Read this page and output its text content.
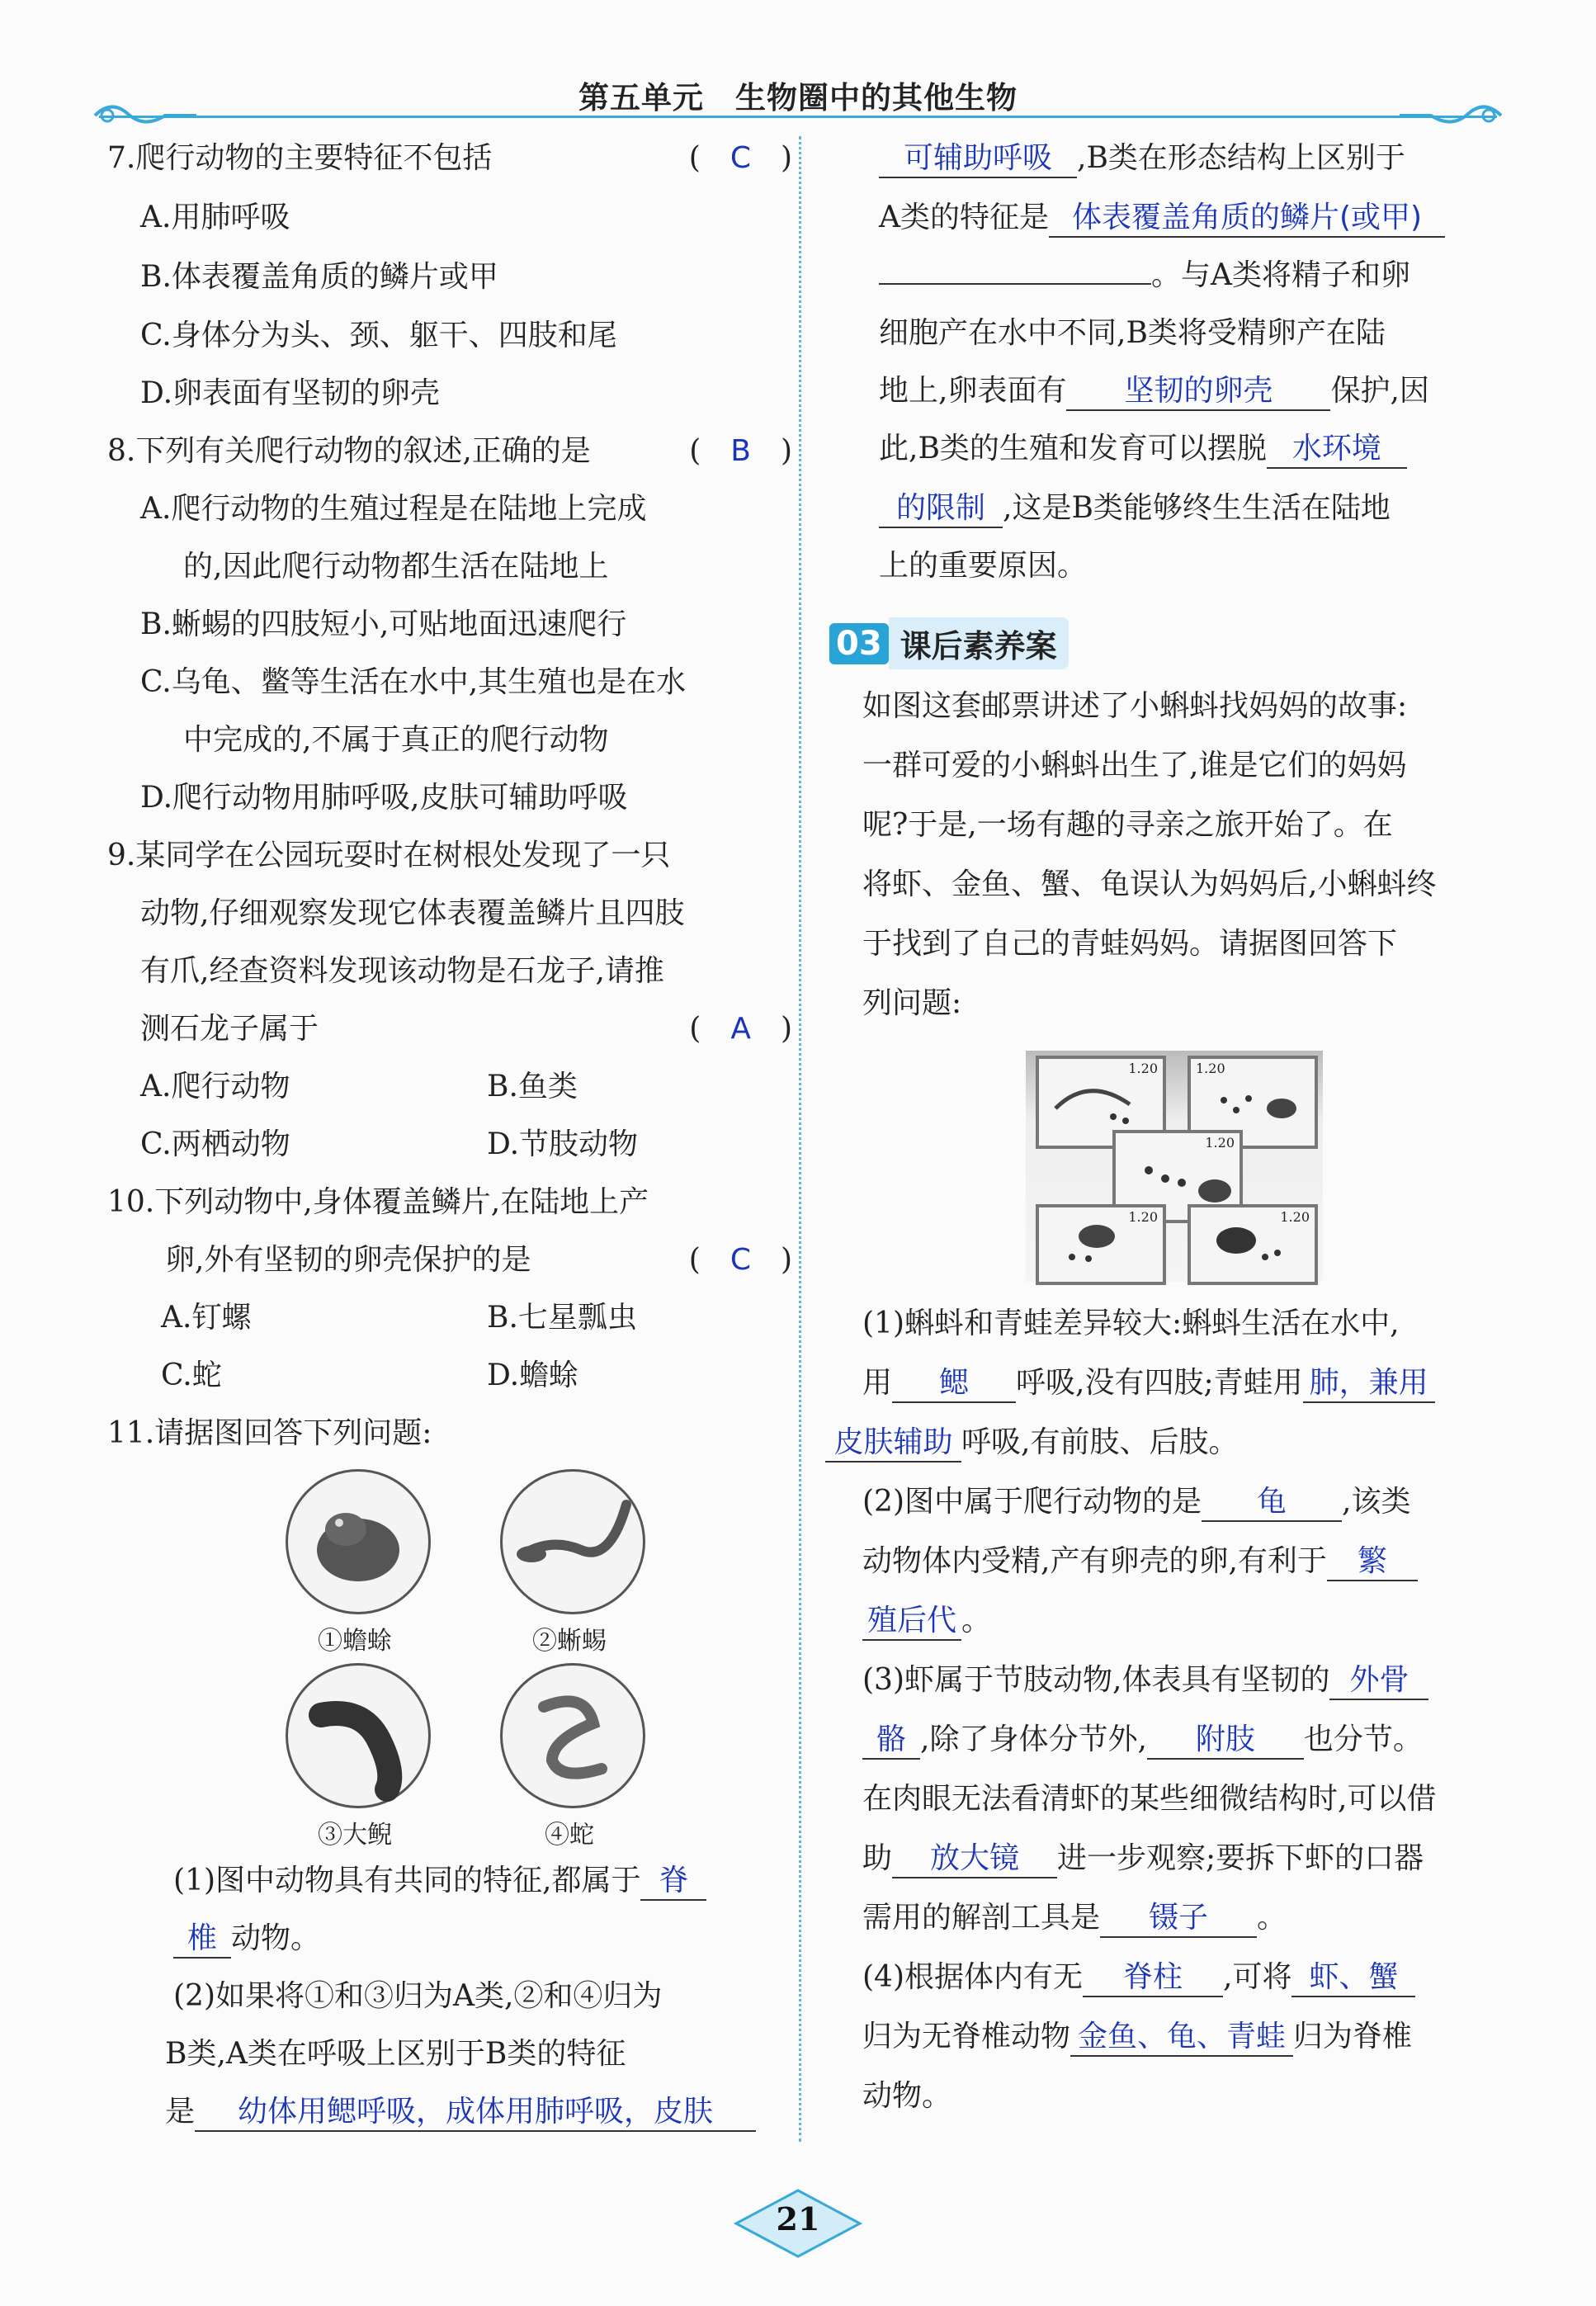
第五单元　生物圈中的其他生物
7.爬行动物的主要特征不包括	(　C　)
A.用肺呼吸
B.体表覆盖角质的鳞片或甲
C.身体分为头、颈、躯干、四肢和尾
D.卵表面有坚韧的卵壳
8.下列有关爬行动物的叙述,正确的是	(　B　)
A.爬行动物的生殖过程是在陆地上完成
的,因此爬行动物都生活在陆地上
B.蜥蜴的四肢短小,可贴地面迅速爬行
C.乌龟、鳖等生活在水中,其生殖也是在水
中完成的,不属于真正的爬行动物
D.爬行动物用肺呼吸,皮肤可辅助呼吸
9.某同学在公园玩耍时在树根处发现了一只
动物,仔细观察发现它体表覆盖鳞片且四肢
有爪,经查资料发现该动物是石龙子,请推
测石龙子属于	(　A　)
A.爬行动物	B.鱼类
C.两栖动物	D.节肢动物
10.下列动物中,身体覆盖鳞片,在陆地上产
卵,外有坚韧的卵壳保护的是	(　C　)
A.钉螺	B.七星瓢虫
C.蛇	D.蟾蜍
11.请据图回答下列问题:
①蟾蜍	②蜥蜴
③大鲵	④蛇
(1)图中动物具有共同的特征,都属于 脊
椎 动物。
(2)如果将①和③归为A类,②和④归为
B类,A类在呼吸上区别于B类的特征
是 幼体用鳃呼吸，成体用肺呼吸，皮肤
可辅助呼吸 ,B类在形态结构上区别于
A类的特征是 体表覆盖角质的鳞片(或甲)
。与A类将精子和卵
细胞产在水中不同,B类将受精卵产在陆
地上,卵表面有 坚韧的卵壳 保护,因
此,B类的生殖和发育可以摆脱 水环境
的限制 ,这是B类能够终生生活在陆地
上的重要原因。
03 课后素养案
如图这套邮票讲述了小蝌蚪找妈妈的故事:
一群可爱的小蝌蚪出生了,谁是它们的妈妈
呢?于是,一场有趣的寻亲之旅开始了。在
将虾、金鱼、蟹、龟误认为妈妈后,小蝌蚪终
于找到了自己的青蛙妈妈。请据图回答下
列问题:
1.20	1.20
1.20
1.20	1.20
(1)蝌蚪和青蛙差异较大:蝌蚪生活在水中,
用 鳃 呼吸,没有四肢;青蛙用 肺，兼用
皮肤辅助 呼吸,有前肢、后肢。
(2)图中属于爬行动物的是 龟 ,该类
动物体内受精,产有卵壳的卵,有利于 繁
殖后代 。
(3)虾属于节肢动物,体表具有坚韧的 外骨
骼 ,除了身体分节外, 附肢 也分节。
在肉眼无法看清虾的某些细微结构时,可以借
助 放大镜 进一步观察;要拆下虾的口器
需用的解剖工具是 镊子 。
(4)根据体内有无 脊柱 ,可将 虾、蟹
归为无脊椎动物 金鱼、龟、青蛙 归为脊椎
动物。
21
